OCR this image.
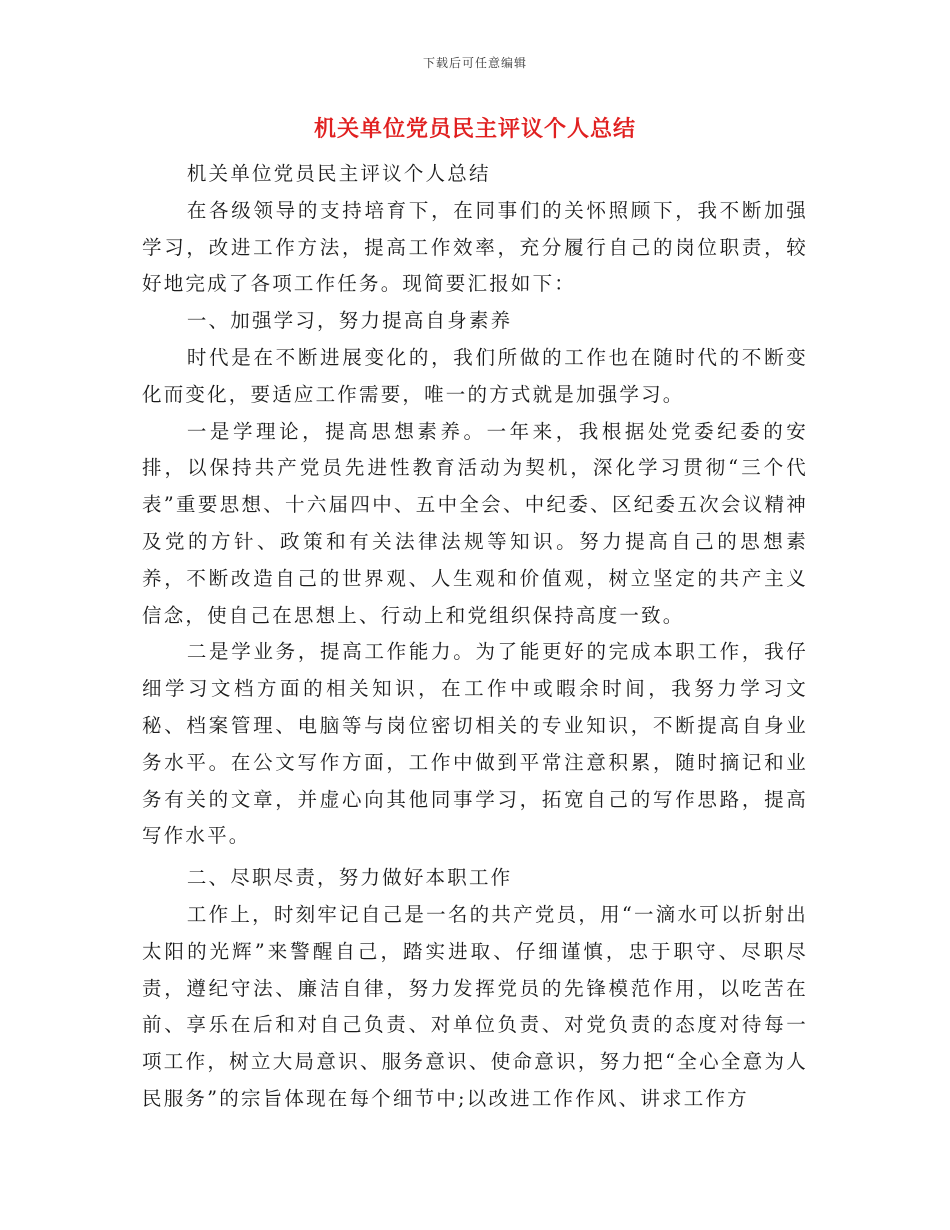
下载后可任意编辑
机关单位党员民主评议个人总结

机关单位党员民主评议个人总结

在各级领导的支持培育下，在同事们的关怀照顾下，我不断加强学习，改进工作方法，提高工作效率，充分履行自己的岗位职责，较好地完成了各项工作任务。现简要汇报如下：

一、加强学习，努力提高自身素养

时代是在不断进展变化的，我们所做的工作也在随时代的不断变化而变化，要适应工作需要，唯一的方式就是加强学习。

一是学理论，提高思想素养。一年来，我根据处党委纪委的安排，以保持共产党员先进性教育活动为契机，深化学习贯彻“三个代表”重要思想、十六届四中、五中全会、中纪委、区纪委五次会议精神及党的方针、政策和有关法律法规等知识。努力提高自己的思想素养，不断改造自己的世界观、人生观和价值观，树立坚定的共产主义信念，使自己在思想上、行动上和党组织保持高度一致。

二是学业务，提高工作能力。为了能更好的完成本职工作，我仔细学习文档方面的相关知识，在工作中或暇余时间，我努力学习文秘、档案管理、电脑等与岗位密切相关的专业知识，不断提高自身业务水平。在公文写作方面，工作中做到平常注意积累，随时摘记和业务有关的文章，并虚心向其他同事学习，拓宽自己的写作思路，提高写作水平。

二、尽职尽责，努力做好本职工作

工作上，时刻牢记自己是一名的共产党员，用“一滴水可以折射出太阳的光辉”来警醒自己，踏实进取、仔细谨慎，忠于职守、尽职尽责，遵纪守法、廉洁自律，努力发挥党员的先锋模范作用，以吃苦在前、享乐在后和对自己负责、对单位负责、对党负责的态度对待每一项工作，树立大局意识、服务意识、使命意识，努力把“全心全意为人民服务”的宗旨体现在每个细节中;以改进工作作风、讲求工作方
